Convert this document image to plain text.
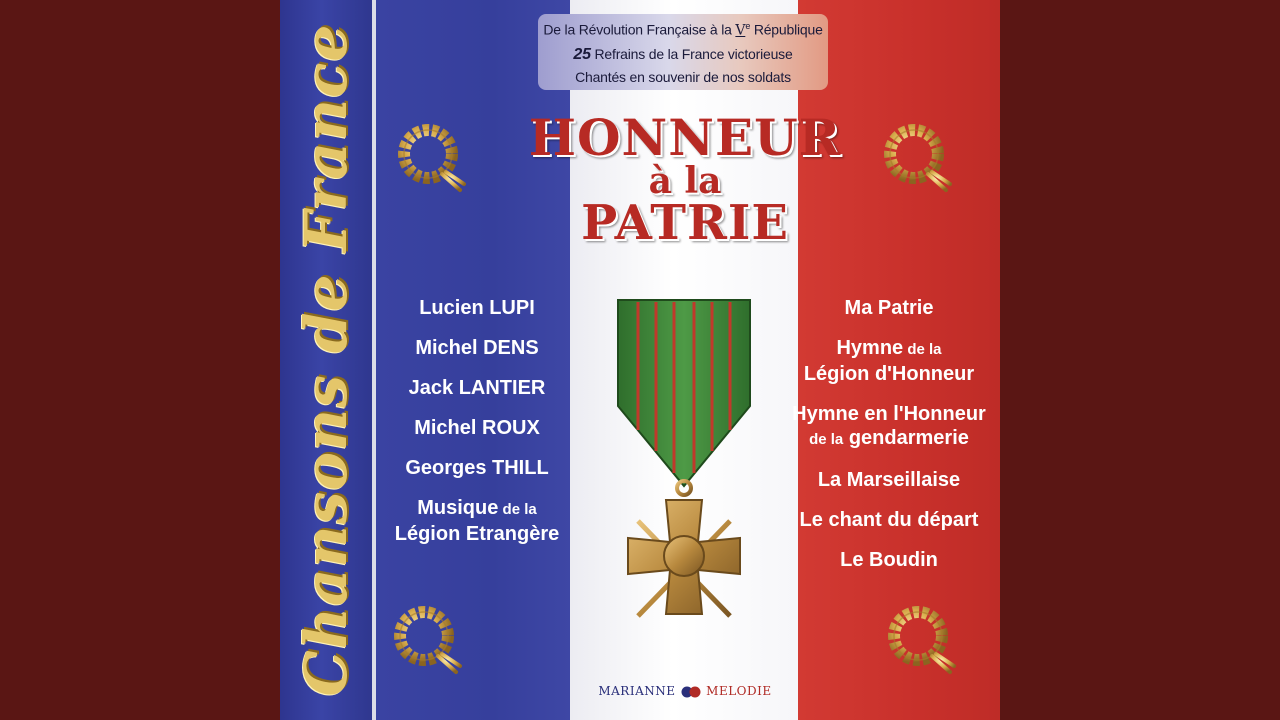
Chansons de France	De la Révolution Française à la Ve République
25 Refrains de la France victorieuse
Chantés en souvenir de nos soldats
HONNEUR
à la
PATRIE
Lucien LUPI
Michel DENS
Jack LANTIER
Michel ROUX
Georges THILL
Musique de la
Légion Etrangère
Ma Patrie
Hymne de la
Légion d'Honneur
Hymne en l'Honneur
de la gendarmerie
La Marseillaise
Le chant du départ
Le Boudin
MARIANNE	MELODIE
